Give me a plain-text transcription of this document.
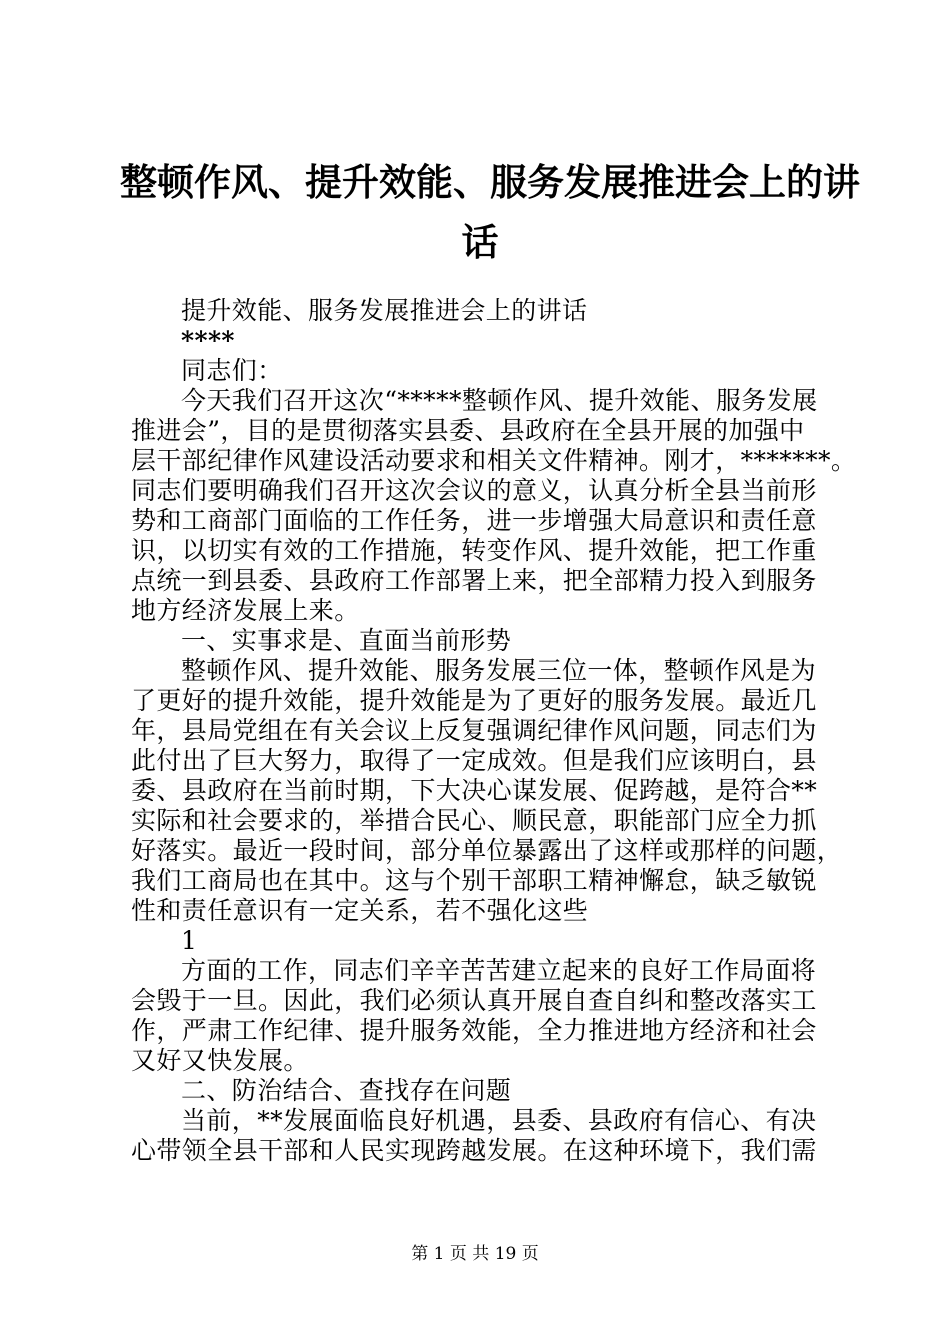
整顿作风、提升效能、服务发展推进会上的讲
话
提升效能、服务发展推进会上的讲话
****
同志们：
今天我们召开这次“*****整顿作风、提升效能、服务发展
推进会”，目的是贯彻落实县委、县政府在全县开展的加强中
层干部纪律作风建设活动要求和相关文件精神。刚才，*******。
同志们要明确我们召开这次会议的意义，认真分析全县当前形
势和工商部门面临的工作任务，进一步增强大局意识和责任意
识，以切实有效的工作措施，转变作风、提升效能，把工作重
点统一到县委、县政府工作部署上来，把全部精力投入到服务
地方经济发展上来。
一、实事求是、直面当前形势
整顿作风、提升效能、服务发展三位一体，整顿作风是为
了更好的提升效能，提升效能是为了更好的服务发展。最近几
年，县局党组在有关会议上反复强调纪律作风问题，同志们为
此付出了巨大努力，取得了一定成效。但是我们应该明白，县
委、县政府在当前时期，下大决心谋发展、促跨越，是符合**
实际和社会要求的，举措合民心、顺民意，职能部门应全力抓
好落实。最近一段时间，部分单位暴露出了这样或那样的问题，
我们工商局也在其中。这与个别干部职工精神懈怠，缺乏敏锐
性和责任意识有一定关系，若不强化这些
1
方面的工作，同志们辛辛苦苦建立起来的良好工作局面将
会毁于一旦。因此，我们必须认真开展自查自纠和整改落实工
作，严肃工作纪律、提升服务效能，全力推进地方经济和社会
又好又快发展。
二、防治结合、查找存在问题
当前，**发展面临良好机遇，县委、县政府有信心、有决
心带领全县干部和人民实现跨越发展。在这种环境下，我们需
第 1 页 共 19 页
